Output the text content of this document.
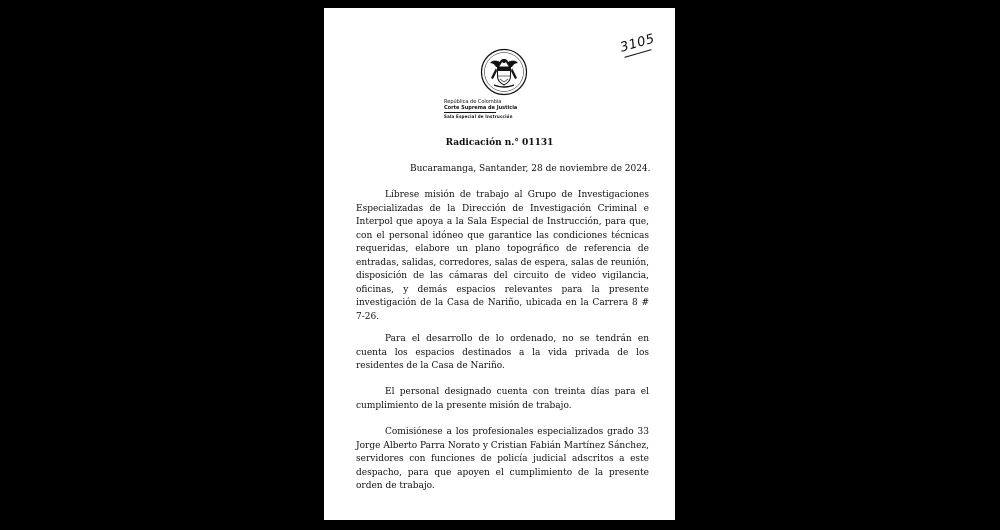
3105
República de Colombia
Corte Suprema de Justicia
Sala Especial de Instrucción
Radicación n.° 01131
Bucaramanga, Santander, 28 de noviembre de 2024.

Líbrese misión de trabajo al Grupo de Investigaciones Especializadas de la Dirección de Investigación Criminal e Interpol que apoya a la Sala Especial de Instrucción, para que, con el personal idóneo que garantice las condiciones técnicas requeridas, elabore un plano topográfico de referencia de entradas, salidas, corredores, salas de espera, salas de reunión, disposición de las cámaras del circuito de video vigilancia, oficinas, y demás espacios relevantes para la presente investigación de la Casa de Nariño, ubicada en la Carrera 8 # 7-26.

Para el desarrollo de lo ordenado, no se tendrán en cuenta los espacios destinados a la vida privada de los residentes de la Casa de Nariño.

El personal designado cuenta con treinta días para el cumplimiento de la presente misión de trabajo.

Comisiónese a los profesionales especializados grado 33 Jorge Alberto Parra Norato y Cristian Fabián Martínez Sánchez, servidores con funciones de policía judicial adscritos a este despacho, para que apoyen el cumplimiento de la presente orden de trabajo.
